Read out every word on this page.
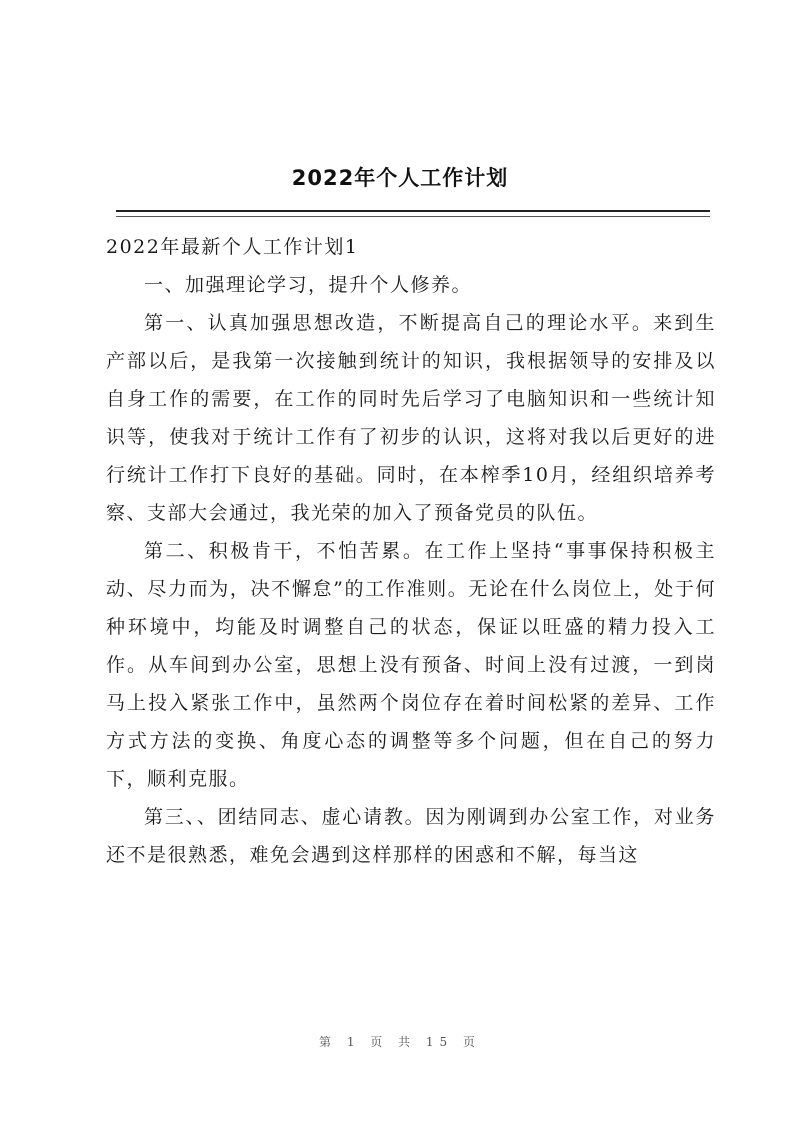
2022年个人工作计划

2022年最新个人工作计划1

一、加强理论学习，提升个人修养。

第一、认真加强思想改造，不断提高自己的理论水平。来到生产部以后，是我第一次接触到统计的知识，我根据领导的安排及以自身工作的需要，在工作的同时先后学习了电脑知识和一些统计知识等，使我对于统计工作有了初步的认识，这将对我以后更好的进行统计工作打下良好的基础。同时，在本榨季10月，经组织培养考察、支部大会通过，我光荣的加入了预备党员的队伍。

第二、积极肯干，不怕苦累。在工作上坚持“事事保持积极主动、尽力而为，决不懈怠”的工作准则。无论在什么岗位上，处于何种环境中，均能及时调整自己的状态，保证以旺盛的精力投入工作。从车间到办公室，思想上没有预备、时间上没有过渡，一到岗马上投入紧张工作中，虽然两个岗位存在着时间松紧的差异、工作方式方法的变换、角度心态的调整等多个问题，但在自己的努力下，顺利克服。

第三、、团结同志、虚心请教。因为刚调到办公室工作，对业务还不是很熟悉，难免会遇到这样那样的困惑和不解，每当这

第 1 页 共 15 页
